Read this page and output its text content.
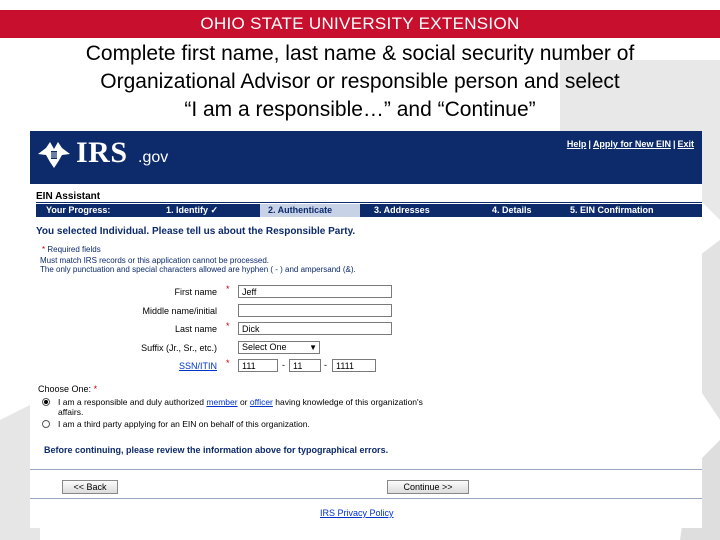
OHIO STATE UNIVERSITY EXTENSION
Complete first name, last name & social security number of
Organizational Advisor or responsible person and select
“I am a responsible…” and “Continue”
IRS .gov
Help | Apply for New EIN | Exit
EIN Assistant
Your Progress:	1. Identify ✓	2. Authenticate	3. Addresses	4. Details	5. EIN Confirmation
You selected Individual. Please tell us about the Responsible Party.
* Required fields
Must match IRS records or this application cannot be processed.
The only punctuation and special characters allowed are hyphen ( - ) and ampersand (&).
First name *	Jeff
Middle name/initial
Last name *	Dick
Suffix (Jr., Sr., etc.)	Select One	▼
SSN/ITIN *	111	- 11	-	1111
Choose One: *
I am a responsible and duly authorized member or officer having knowledge of this organization's
affairs.
I am a third party applying for an EIN on behalf of this organization.
Before continuing, please review the information above for typographical errors.
<< Back	Continue >>
IRS Privacy Policy
